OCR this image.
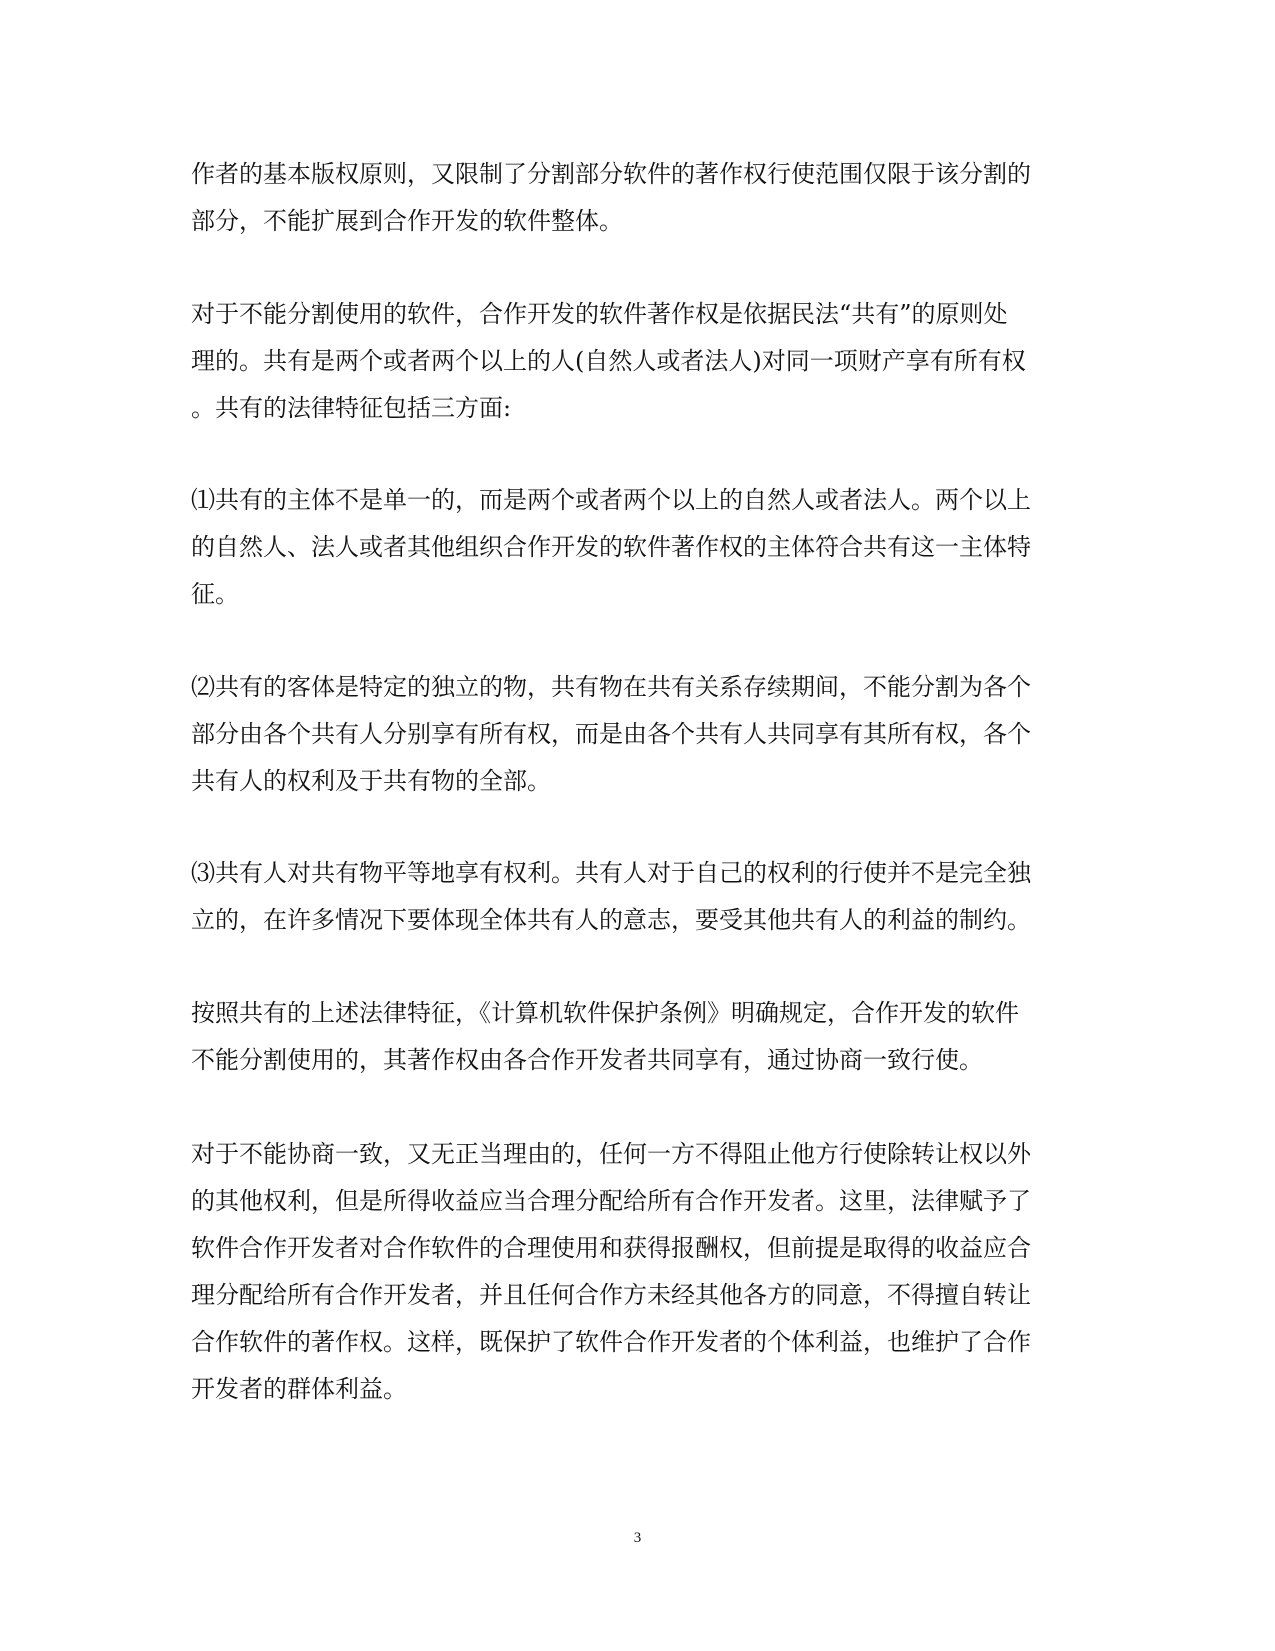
作者的基本版权原则，又限制了分割部分软件的著作权行使范围仅限于该分割的
部分，不能扩展到合作开发的软件整体。
对于不能分割使用的软件，合作开发的软件著作权是依据民法“共有”的原则处
理的。共有是两个或者两个以上的人(自然人或者法人)对同一项财产享有所有权
。共有的法律特征包括三方面:
⑴共有的主体不是单一的，而是两个或者两个以上的自然人或者法人。两个以上
的自然人、法人或者其他组织合作开发的软件著作权的主体符合共有这一主体特
征。
⑵共有的客体是特定的独立的物，共有物在共有关系存续期间，不能分割为各个
部分由各个共有人分别享有所有权，而是由各个共有人共同享有其所有权，各个
共有人的权利及于共有物的全部。
⑶共有人对共有物平等地享有权利。共有人对于自己的权利的行使并不是完全独
立的，在许多情况下要体现全体共有人的意志，要受其他共有人的利益的制约。
按照共有的上述法律特征，《计算机软件保护条例》明确规定，合作开发的软件
不能分割使用的，其著作权由各合作开发者共同享有，通过协商一致行使。
对于不能协商一致，又无正当理由的，任何一方不得阻止他方行使除转让权以外
的其他权利，但是所得收益应当合理分配给所有合作开发者。这里，法律赋予了
软件合作开发者对合作软件的合理使用和获得报酬权，但前提是取得的收益应合
理分配给所有合作开发者，并且任何合作方未经其他各方的同意，不得擅自转让
合作软件的著作权。这样，既保护了软件合作开发者的个体利益，也维护了合作
开发者的群体利益。
3
